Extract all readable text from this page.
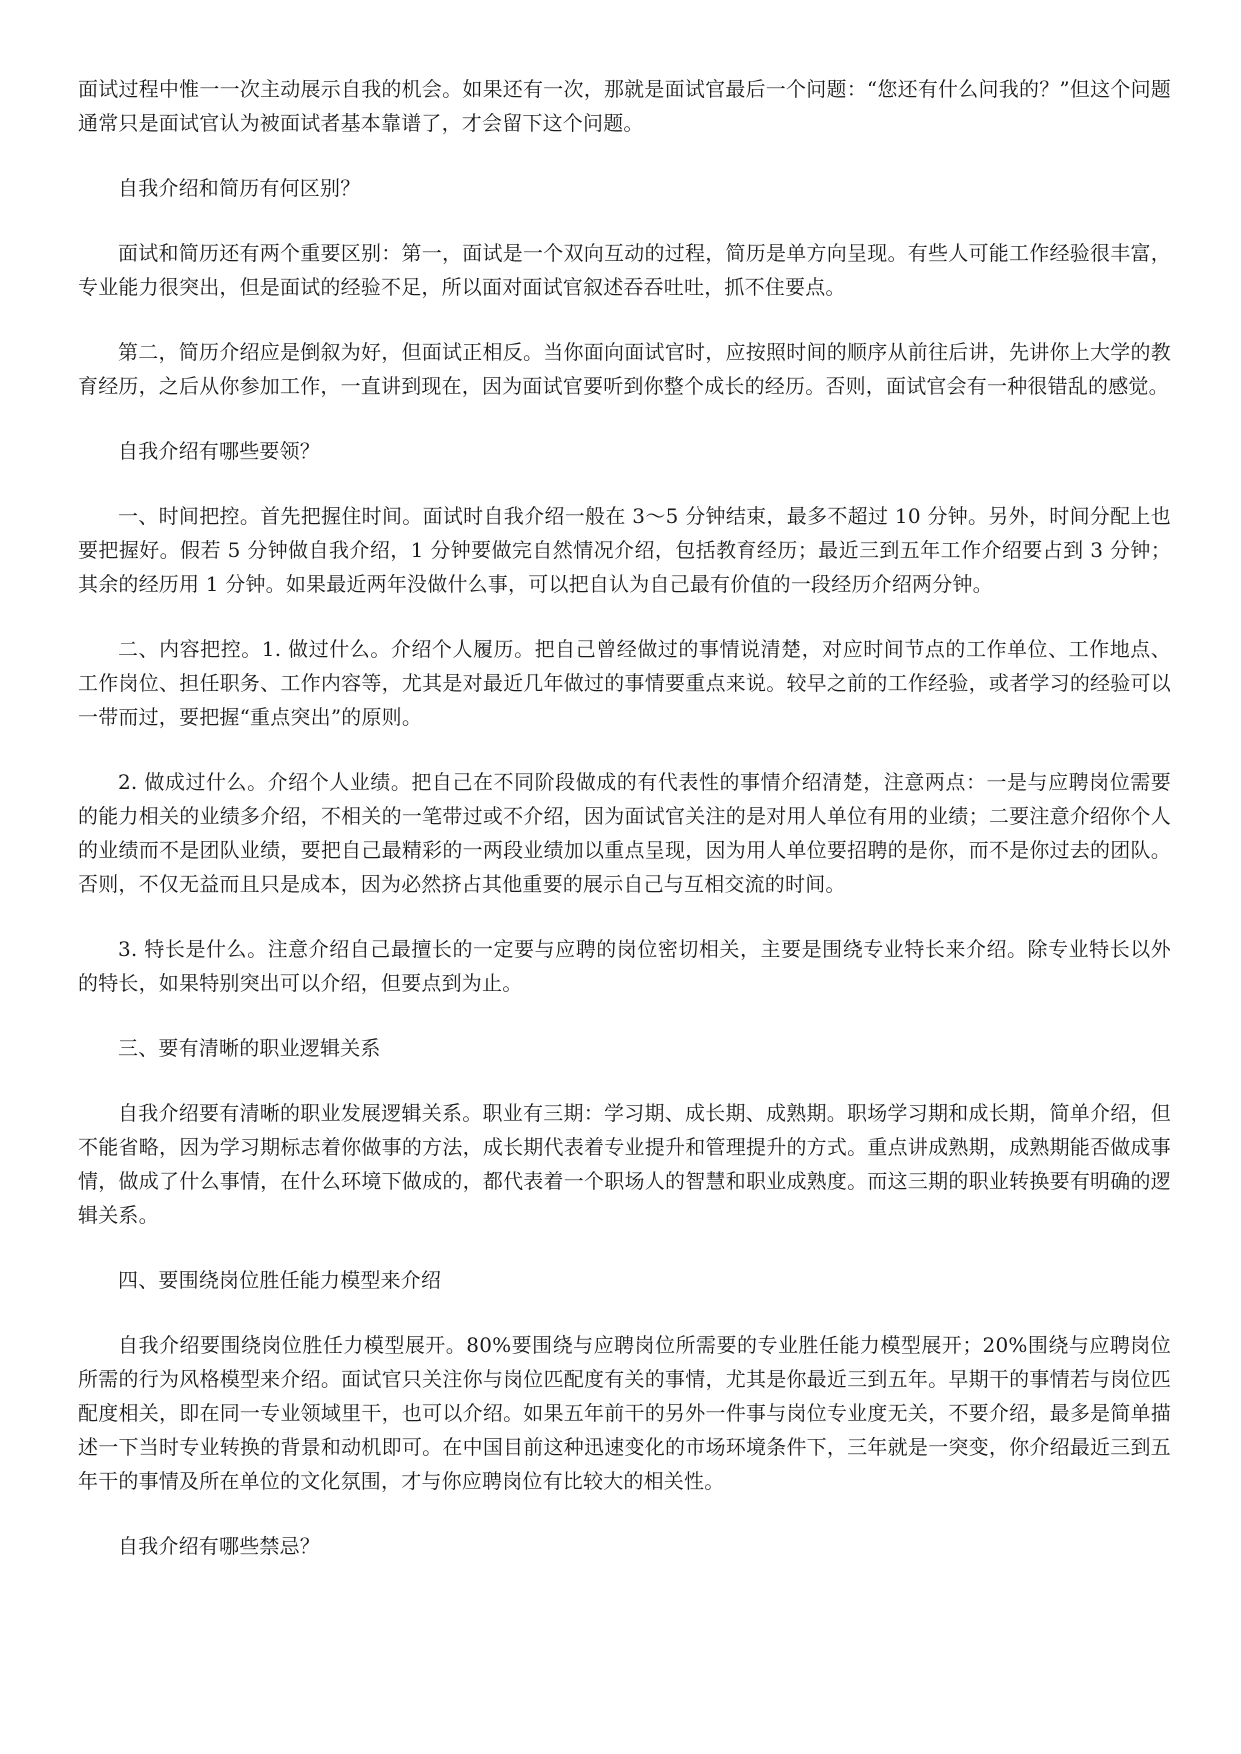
面试过程中惟一一次主动展示自我的机会。如果还有一次，那就是面试官最后一个问题：“您还有什么问我的？”但这个问题通常只是面试官认为被面试者基本靠谱了，才会留下这个问题。

自我介绍和简历有何区别？

面试和简历还有两个重要区别：第一，面试是一个双向互动的过程，简历是单方向呈现。有些人可能工作经验很丰富，专业能力很突出，但是面试的经验不足，所以面对面试官叙述吞吞吐吐，抓不住要点。

第二，简历介绍应是倒叙为好，但面试正相反。当你面向面试官时，应按照时间的顺序从前往后讲，先讲你上大学的教育经历，之后从你参加工作，一直讲到现在，因为面试官要听到你整个成长的经历。否则，面试官会有一种很错乱的感觉。

自我介绍有哪些要领？

一、时间把控。首先把握住时间。面试时自我介绍一般在 3～5 分钟结束，最多不超过 10 分钟。另外，时间分配上也要把握好。假若 5 分钟做自我介绍，1 分钟要做完自然情况介绍，包括教育经历；最近三到五年工作介绍要占到 3 分钟；其余的经历用 1 分钟。如果最近两年没做什么事，可以把自认为自己最有价值的一段经历介绍两分钟。

二、内容把控。1. 做过什么。介绍个人履历。把自己曾经做过的事情说清楚，对应时间节点的工作单位、工作地点、工作岗位、担任职务、工作内容等，尤其是对最近几年做过的事情要重点来说。较早之前的工作经验，或者学习的经验可以一带而过，要把握“重点突出”的原则。

2. 做成过什么。介绍个人业绩。把自己在不同阶段做成的有代表性的事情介绍清楚，注意两点：一是与应聘岗位需要的能力相关的业绩多介绍，不相关的一笔带过或不介绍，因为面试官关注的是对用人单位有用的业绩；二要注意介绍你个人的业绩而不是团队业绩，要把自己最精彩的一两段业绩加以重点呈现，因为用人单位要招聘的是你，而不是你过去的团队。否则，不仅无益而且只是成本，因为必然挤占其他重要的展示自己与互相交流的时间。

3. 特长是什么。注意介绍自己最擅长的一定要与应聘的岗位密切相关，主要是围绕专业特长来介绍。除专业特长以外的特长，如果特别突出可以介绍，但要点到为止。

三、要有清晰的职业逻辑关系

自我介绍要有清晰的职业发展逻辑关系。职业有三期：学习期、成长期、成熟期。职场学习期和成长期，简单介绍，但不能省略，因为学习期标志着你做事的方法，成长期代表着专业提升和管理提升的方式。重点讲成熟期，成熟期能否做成事情，做成了什么事情，在什么环境下做成的，都代表着一个职场人的智慧和职业成熟度。而这三期的职业转换要有明确的逻辑关系。

四、要围绕岗位胜任能力模型来介绍

自我介绍要围绕岗位胜任力模型展开。80%要围绕与应聘岗位所需要的专业胜任能力模型展开；20%围绕与应聘岗位所需的行为风格模型来介绍。面试官只关注你与岗位匹配度有关的事情，尤其是你最近三到五年。早期干的事情若与岗位匹配度相关，即在同一专业领域里干，也可以介绍。如果五年前干的另外一件事与岗位专业度无关，不要介绍，最多是简单描述一下当时专业转换的背景和动机即可。在中国目前这种迅速变化的市场环境条件下，三年就是一突变，你介绍最近三到五年干的事情及所在单位的文化氛围，才与你应聘岗位有比较大的相关性。

自我介绍有哪些禁忌？
